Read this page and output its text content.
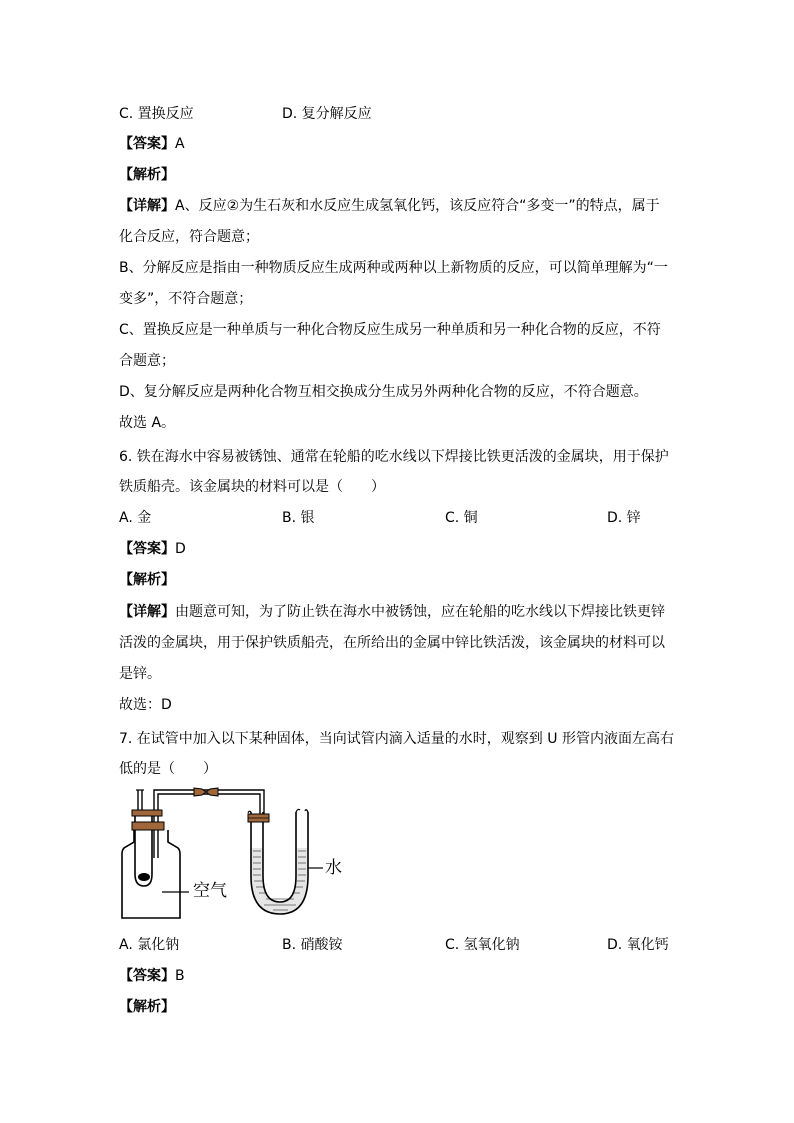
C. 置换反应	D. 复分解反应
【答案】A
【解析】
【详解】A、反应②为生石灰和水反应生成氢氧化钙，该反应符合“多变一”的特点，属于
化合反应，符合题意；
B、分解反应是指由一种物质反应生成两种或两种以上新物质的反应，可以简单理解为“一
变多”，不符合题意；
C、置换反应是一种单质与一种化合物反应生成另一种单质和另一种化合物的反应，不符
合题意；
D、复分解反应是两种化合物互相交换成分生成另外两种化合物的反应，不符合题意。
故选 A。
6. 铁在海水中容易被锈蚀、通常在轮船的吃水线以下焊接比铁更活泼的金属块，用于保护
铁质船壳。该金属块的材料可以是（　　）
A. 金	B. 银	C. 铜	D. 锌
【答案】D
【解析】
【详解】由题意可知，为了防止铁在海水中被锈蚀，应在轮船的吃水线以下焊接比铁更锌
活泼的金属块，用于保护铁质船壳，在所给出的金属中锌比铁活泼，该金属块的材料可以
是锌。
故选：D
7. 在试管中加入以下某种固体，当向试管内滴入适量的水时，观察到 U 形管内液面左高右
低的是（　　）
空气
水
A. 氯化钠	B. 硝酸铵	C. 氢氧化钠	D. 氧化钙
【答案】B
【解析】
